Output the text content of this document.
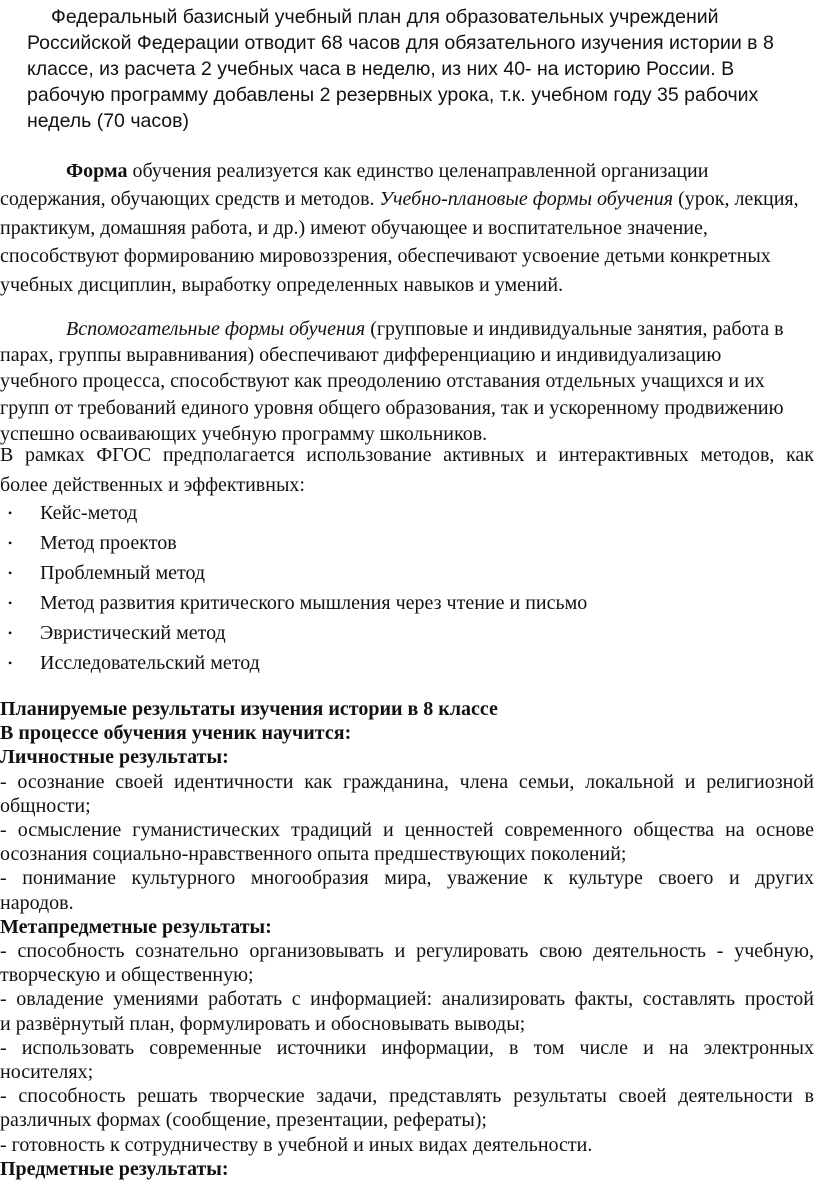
Федеральный базисный учебный план для образовательных учреждений Российской Федерации отводит 68 часов для обязательного изучения истории в 8 классе, из расчета 2 учебных часа в неделю, из них 40- на историю России. В рабочую программу добавлены 2 резервных урока, т.к. учебном году 35 рабочих недель (70 часов)

Форма обучения реализуется как единство целенаправленной организации содержания, обучающих средств и методов. Учебно-плановые формы обучения (урок, лекция, практикум, домашняя работа, и др.) имеют обучающее и воспитательное значение, способствуют формированию мировоззрения, обеспечивают усвоение детьми конкретных учебных дисциплин, выработку определенных навыков и умений.

Вспомогательные формы обучения (групповые и индивидуальные занятия, работа в парах, группы выравнивания) обеспечивают дифференциацию и индивидуализацию учебного процесса, способствуют как преодолению отставания отдельных учащихся и их групп от требований единого уровня общего образования, так и ускоренному продвижению успешно осваивающих учебную программу школьников.

В рамках ФГОС предполагается использование активных и интерактивных методов, как
более действенных и эффективных:

• Кейс-метод
• Метод проектов
• Проблемный метод
• Метод развития критического мышления через чтение и письмо
• Эвристический метод
• Исследовательский метод
Планируемые результаты изучения истории в 8 классе
В процессе обучения ученик научится:
Личностные результаты:
- осознание своей идентичности как гражданина, члена семьи, локальной и религиозной
общности;
- осмысление гуманистических традиций и ценностей современного общества на основе
осознания социально-нравственного опыта предшествующих поколений;
- понимание культурного многообразия мира, уважение к культуре своего и других
народов.
Метапредметные результаты:
- способность сознательно организовывать и регулировать свою деятельность - учебную,
творческую и общественную;
- овладение умениями работать с информацией: анализировать факты, составлять простой
и развёрнутый план, формулировать и обосновывать выводы;
- использовать современные источники информации, в том числе и на электронных
носителях;
- способность решать творческие задачи, представлять результаты своей деятельности в
различных формах (сообщение, презентации, рефераты);
- готовность к сотрудничеству в учебной и иных видах деятельности.
Предметные результаты:
